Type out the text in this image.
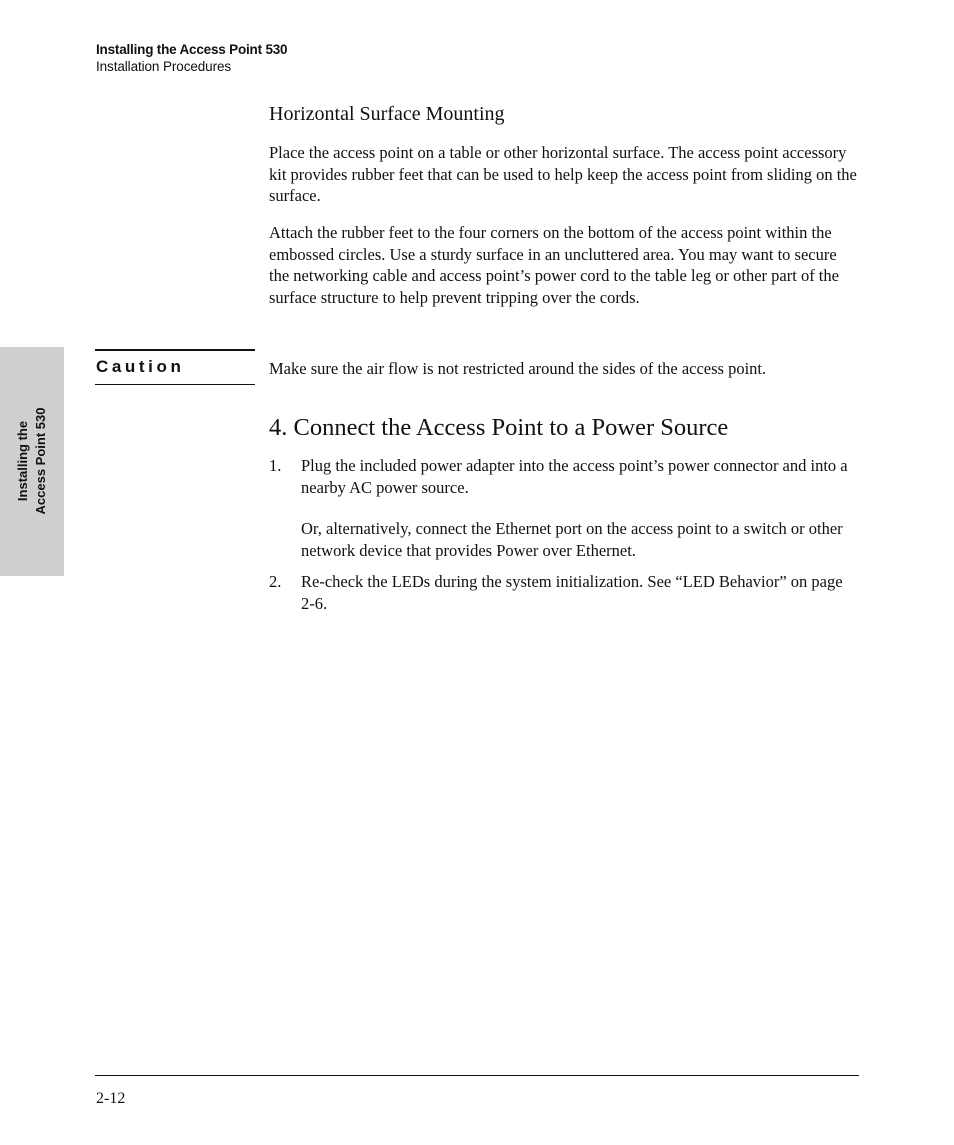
Installing the Access Point 530
Installation Procedures
Installing the Access Point 530
Horizontal Surface Mounting
Place the access point on a table or other horizontal surface. The access point accessory kit provides rubber feet that can be used to help keep the access point from sliding on the surface.
Attach the rubber feet to the four corners on the bottom of the access point within the embossed circles. Use a sturdy surface in an uncluttered area. You may want to secure the networking cable and access point’s power cord to the table leg or other part of the surface structure to help prevent tripping over the cords.
Caution	Make sure the air flow is not restricted around the sides of the access point.
4. Connect the Access Point to a Power Source
1. Plug the included power adapter into the access point’s power connector and into a nearby AC power source.
Or, alternatively, connect the Ethernet port on the access point to a switch or other network device that provides Power over Ethernet.
2. Re-check the LEDs during the system initialization. See “LED Behavior” on page 2-6.
2-12
